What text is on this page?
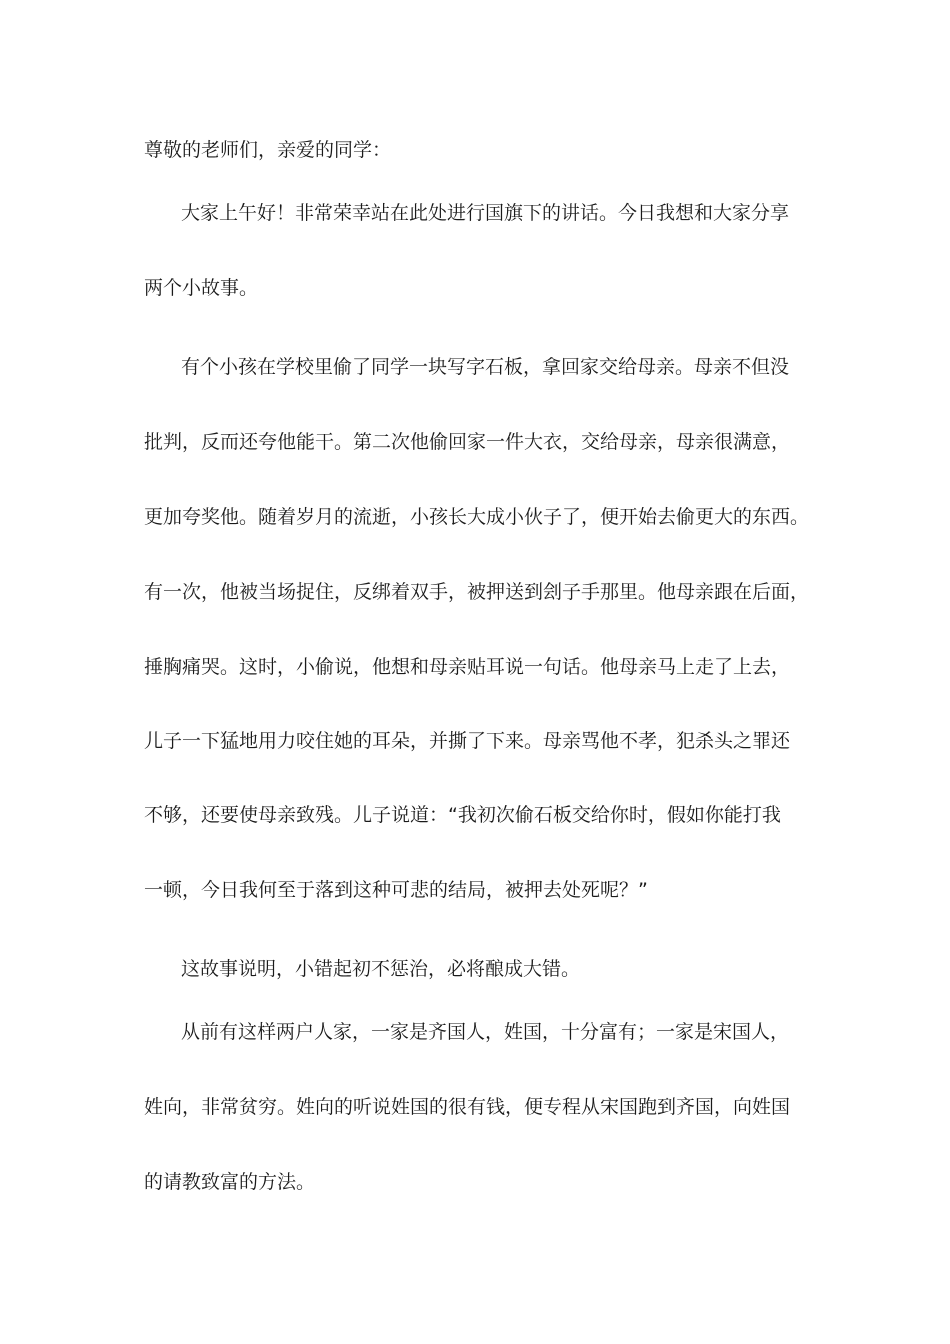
尊敬的老师们，亲爱的同学：
大家上午好！非常荣幸站在此处进行国旗下的讲话。今日我想和大家分享
两个小故事。
有个小孩在学校里偷了同学一块写字石板，拿回家交给母亲。母亲不但没
批判，反而还夸他能干。第二次他偷回家一件大衣，交给母亲，母亲很满意，
更加夸奖他。随着岁月的流逝，小孩长大成小伙子了，便开始去偷更大的东西。
有一次，他被当场捉住，反绑着双手，被押送到刽子手那里。他母亲跟在后面，
捶胸痛哭。这时，小偷说，他想和母亲贴耳说一句话。他母亲马上走了上去，
儿子一下猛地用力咬住她的耳朵，并撕了下来。母亲骂他不孝，犯杀头之罪还
不够，还要使母亲致残。儿子说道：“我初次偷石板交给你时，假如你能打我
一顿，今日我何至于落到这种可悲的结局，被押去处死呢？”
这故事说明，小错起初不惩治，必将酿成大错。
从前有这样两户人家，一家是齐国人，姓国，十分富有；一家是宋国人，
姓向，非常贫穷。姓向的听说姓国的很有钱，便专程从宋国跑到齐国，向姓国
的请教致富的方法。
